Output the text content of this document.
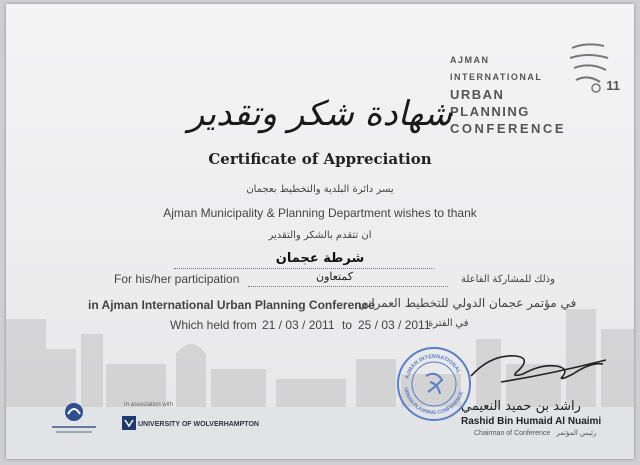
AJMAN INTERNATIONAL
URBAN PLANNING
CONFERENCE
11
شهادة شكر وتقدير
Certificate of Appreciation
يسر دائرة البلدية والتخطيط بعجمان
Ajman Municipality & Planning Department wishes to thank
ان تتقدم بالشكر والتقدير
شرطة عجمان
For his/her participation	كمتعاون	وذلك للمشاركة الفاعلة
in Ajman International Urban Planning Conference
في مؤتمر عجمان الدولي للتخطيط العمراني
Which held from 21 / 03 / 2011 to 25 / 03 / 2011
في الفترة
AJMAN INTERNATIONAL
URBAN PLANNING CONFERENCE
راشد بن حميد النعيمي
Rashid Bin Humaid Al Nuaimi
Chairman of Conference رئيس المؤتمر
In association with
UNIVERSITY OF WOLVERHAMPTON
